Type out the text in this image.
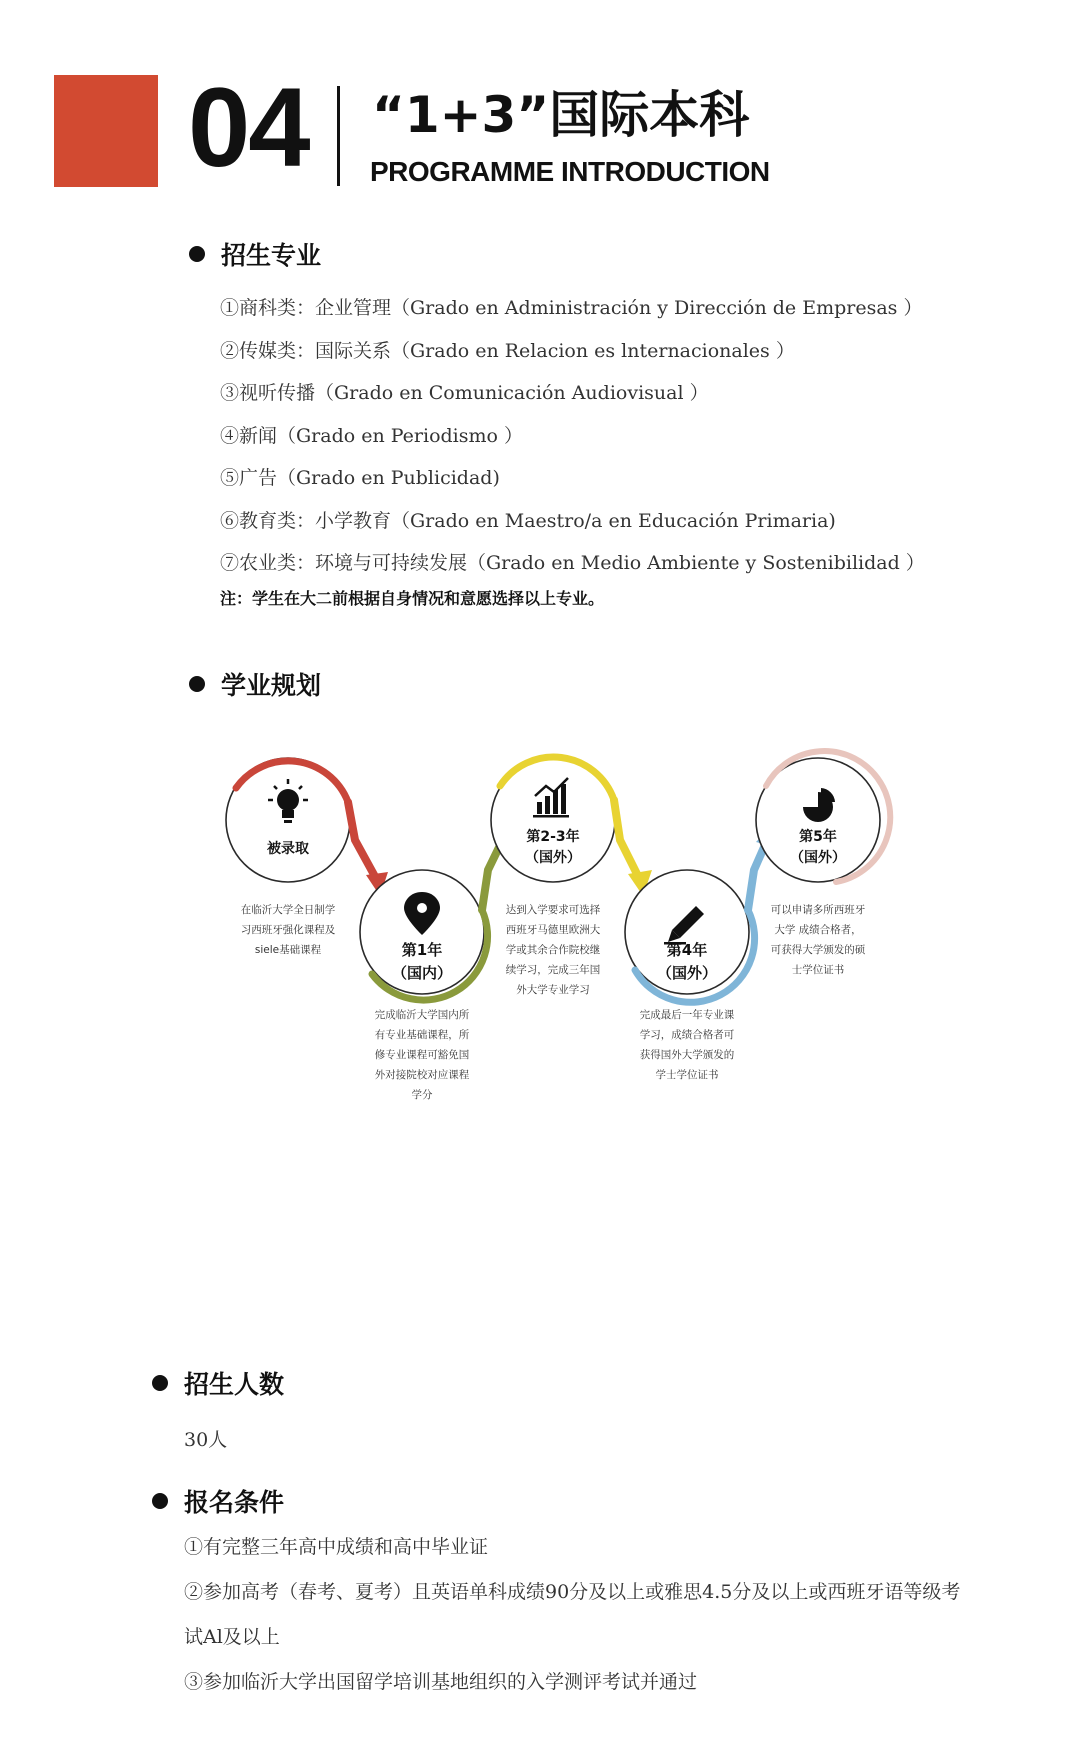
04 “1+3”国际本科
PROGRAMME INTRODUCTION
招生专业
①商科类：企业管理（Grado en Administración y Dirección de Empresas ）
②传媒类：国际关系（Grado en Relacion es lnternacionales ）
③视听传播（Grado en Comunicación Audiovisual ）
④新闻（Grado en Periodismo ）
⑤广告（Grado en Publicidad)
⑥教育类：小学教育（Grado en Maestro/a en Educación Primaria)
⑦农业类：环境与可持续发展（Grado en Medio Ambiente y Sostenibilidad ）
注：学生在大二前根据自身情况和意愿选择以上专业。
学业规划
被录取
第1年
第2-3年
第4年
第5年
（国内）
（国外）
（国外）
（国外）
在临沂大学全日制学
习西班牙强化课程及
siele基础课程
完成临沂大学国内所
有专业基础课程，所
修专业课程可豁免国
外对接院校对应课程
学分
达到入学要求可选择
西班牙马德里欧洲大
学或其余合作院校继
续学习，完成三年国
外大学专业学习
完成最后一年专业课
学习，成绩合格者可
获得国外大学颁发的
学士学位证书
可以申请多所西班牙
大学 成绩合格者，
可获得大学颁发的硕
士学位证书
招生人数
30人
报名条件
①有完整三年高中成绩和高中毕业证
②参加高考（春考、夏考）且英语单科成绩90分及以上或雅思4.5分及以上或西班牙语等级考试Al及以上
③参加临沂大学出国留学培训基地组织的入学测评考试并通过
